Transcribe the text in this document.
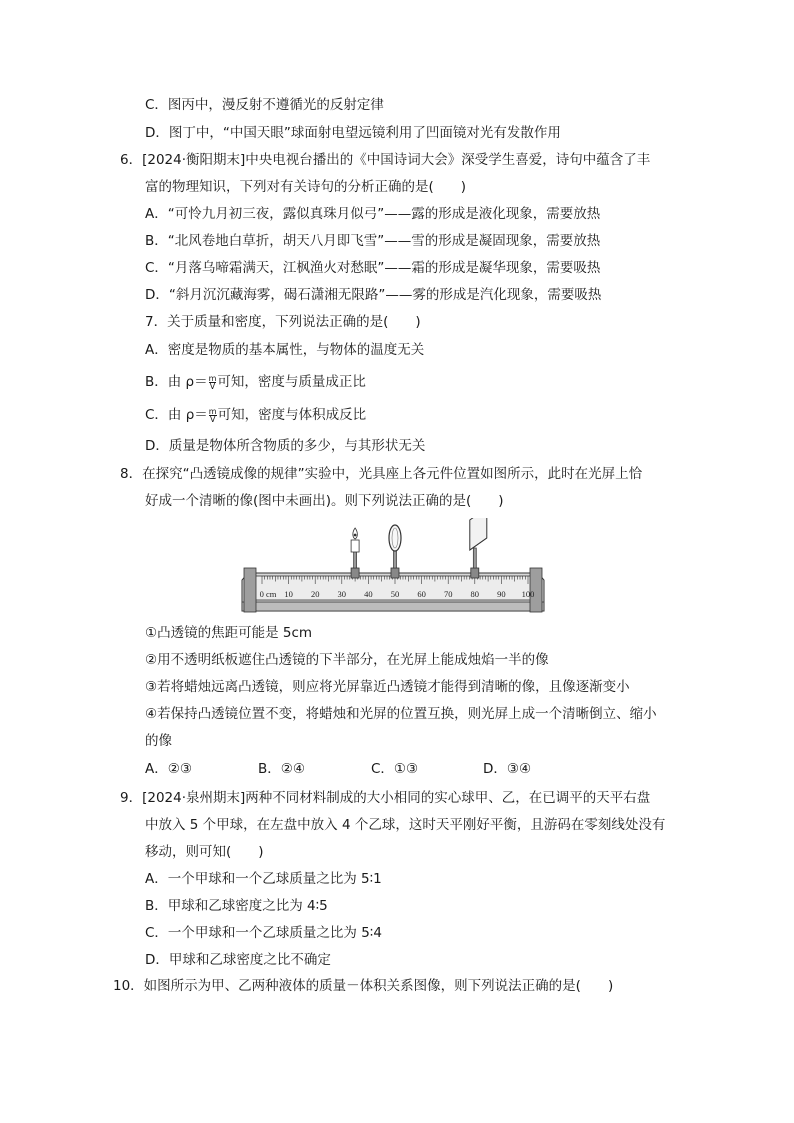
C．图丙中，漫反射不遵循光的反射定律
D．图丁中，“中国天眼”球面射电望远镜利用了凹面镜对光有发散作用
6．[2024·衡阳期末]中央电视台播出的《中国诗词大会》深受学生喜爱，诗句中蕴含了丰
富的物理知识，下列对有关诗句的分析正确的是(　　)
A．“可怜九月初三夜，露似真珠月似弓”——露的形成是液化现象，需要放热
B．“北风卷地白草折，胡天八月即飞雪”——雪的形成是凝固现象，需要放热
C．“月落乌啼霜满天，江枫渔火对愁眠”——霜的形成是凝华现象，需要吸热
D．“斜月沉沉藏海雾，碣石潇湘无限路”——雾的形成是汽化现象，需要吸热
7．关于质量和密度，下列说法正确的是(　　)
A．密度是物质的基本属性，与物体的温度无关
B．由 $\rho= \frac{m}{V}$ 可知，密度与质量成正比
C．由 $\rho= \frac{m}{V}$ 可知，密度与体积成反比
D．质量是物体所含物质的多少，与其形状无关
8．在探究“凸透镜成像的规律”实验中，光具座上各元件位置如图所示，此时在光屏上恰
好成一个清晰的像(图中未画出)。则下列说法正确的是(　　)
0 cm 10 20 30 40 50 60 70 80 90 100
①凸透镜的焦距可能是 5cm
②用不透明纸板遮住凸透镜的下半部分，在光屏上能成烛焰一半的像
③若将蜡烛远离凸透镜，则应将光屏靠近凸透镜才能得到清晰的像，且像逐渐变小
④若保持凸透镜位置不变，将蜡烛和光屏的位置互换，则光屏上成一个清晰倒立、缩小
的像
A．②③	B．②④	C．①③	D．③④
9．[2024·泉州期末]两种不同材料制成的大小相同的实心球甲、乙，在已调平的天平右盘
中放入 5 个甲球，在左盘中放入 4 个乙球，这时天平刚好平衡，且游码在零刻线处没有
移动，则可知(　　)
A．一个甲球和一个乙球质量之比为 5∶1
B．甲球和乙球密度之比为 4∶5
C．一个甲球和一个乙球质量之比为 5∶4
D．甲球和乙球密度之比不确定
10．如图所示为甲、乙两种液体的质量－体积关系图像，则下列说法正确的是(　　)
